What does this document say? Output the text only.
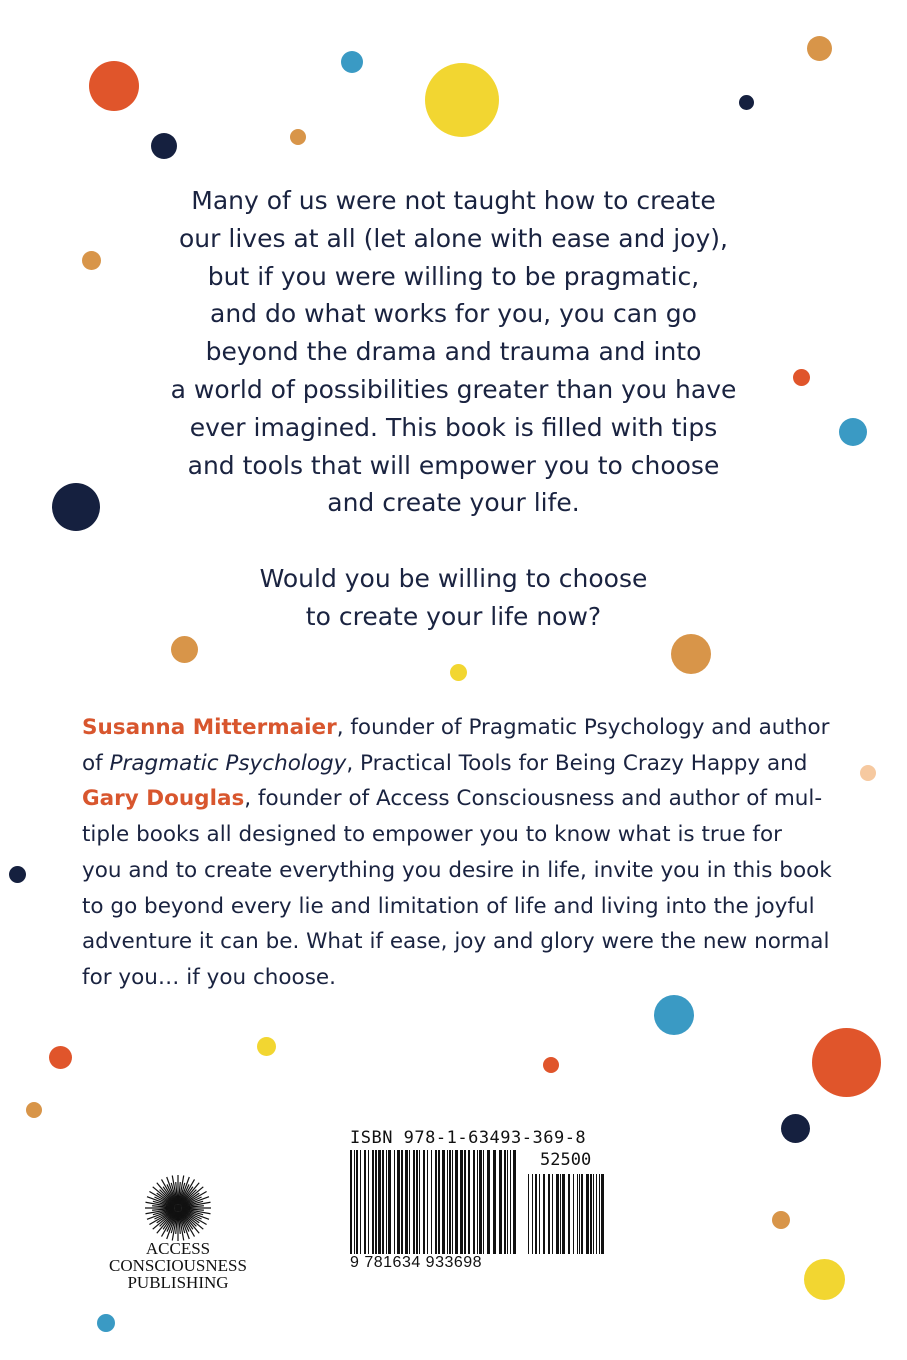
Many of us were not taught how to create

our lives at all (let alone with ease and joy),

but if you were willing to be pragmatic,

and do what works for you, you can go

beyond the drama and trauma and into

a world of possibilities greater than you have

ever imagined. This book is filled with tips

and tools that will empower you to choose

and create your life.

Would you be willing to choose
to create your life now?

Susanna Mittermaier, founder of Pragmatic Psychology and author

of Pragmatic Psychology, Practical Tools for Being Crazy Happy and

Gary Douglas, founder of Access Consciousness and author of mul-

tiple books all designed to empower you to know what is true for

you and to create everything you desire in life, invite you in this book

to go beyond every lie and limitation of life and living into the joyful

adventure it can be. What if ease, joy and glory were the new normal

for you… if you choose.

ISBN 978-1-63493-369-8
52500
9 781634 933698
ACCESS CONSCIOUSNESS
PUBLISHING
